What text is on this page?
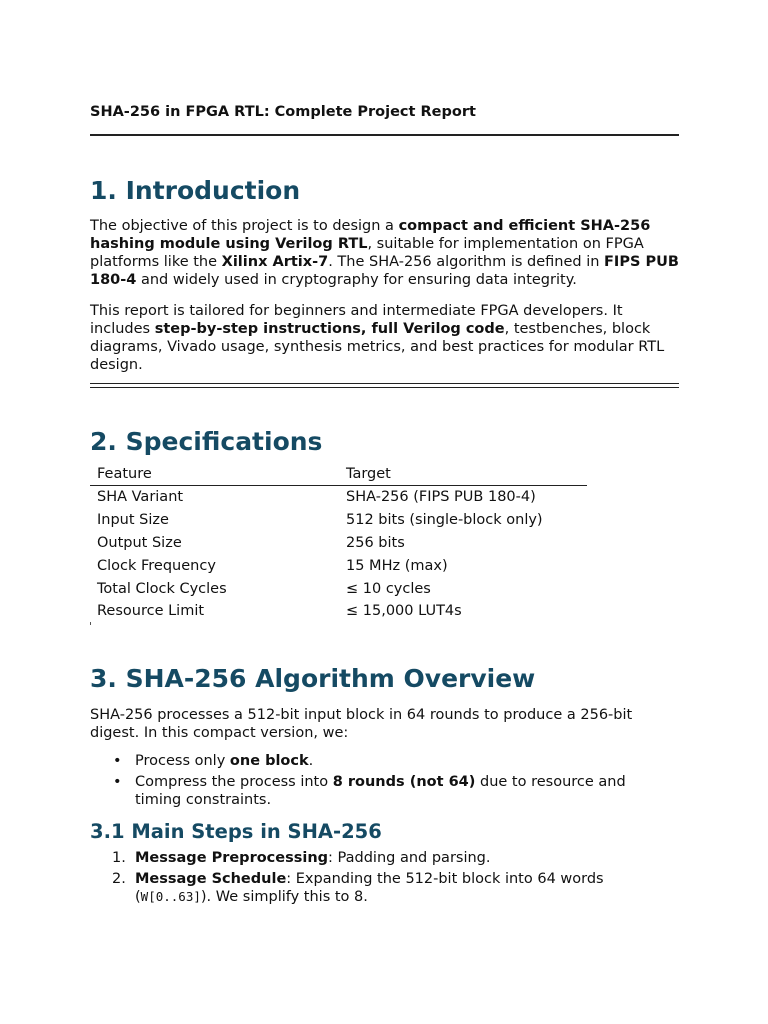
SHA-256 in FPGA RTL: Complete Project Report
1. Introduction

The objective of this project is to design a compact and efficient SHA-256 hashing module using Verilog RTL, suitable for implementation on FPGA platforms like the Xilinx Artix-7. The SHA-256 algorithm is defined in FIPS PUB 180-4 and widely used in cryptography for ensuring data integrity.

This report is tailored for beginners and intermediate FPGA developers. It includes step-by-step instructions, full Verilog code, testbenches, block diagrams, Vivado usage, synthesis metrics, and best practices for modular RTL design.

2. Specifications
Feature	Target
SHA Variant	SHA-256 (FIPS PUB 180-4)
Input Size	512 bits (single-block only)
Output Size	256 bits
Clock Frequency	15 MHz (max)
Total Clock Cycles	≤ 10 cycles
Resource Limit	≤ 15,000 LUT4s
3. SHA-256 Algorithm Overview

SHA-256 processes a 512-bit input block in 64 rounds to produce a 256-bit digest. In this compact version, we:

• Process only one block.
• Compress the process into 8 rounds (not 64) due to resource and timing constraints.
3.1 Main Steps in SHA-256
1. Message Preprocessing: Padding and parsing.
2. Message Schedule: Expanding the 512-bit block into 64 words (W[0..63]). We simplify this to 8.
